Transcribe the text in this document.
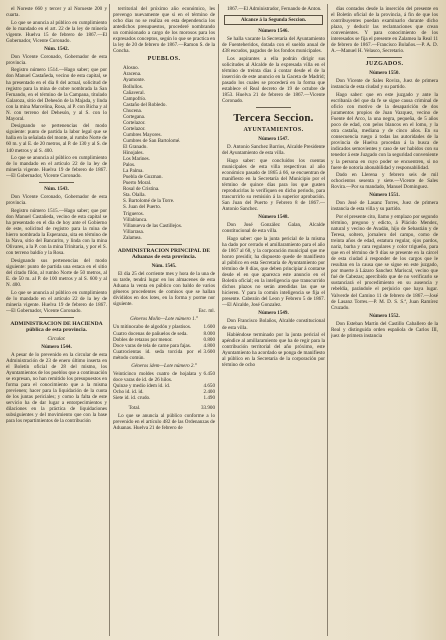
el Noreste 660 y tercer y al Norueste 200 y cuarta.
Lo que se anuncia al público en cumplimiento de lo mandado en el art. 22 de la ley de minería vigente. Huelva 15 de febrero de 1867.—El Gobernador, Vicente Coronado.
Núm. 1542.
Don Vicente Coronado, Gobernador de esta provincia.
Registro número 1514.—Hago saber; que por don Manuel Castañeda, vecino de esta capital, se ha presentado en el dia 8 del actual, solicitud de registro para la mina de cobre nombrada la San Fernando, en el término de la Campana, titulado Galaroza, sitio del Dehesón de la Majada, y linda con la mina Marcelina, Rosa, al P. con Bicha y al N. con terreno del Dehesón, y al S. con lo Mayoral.
Designando se pertenencias del modo siguiente: punto de partida la labor legal que se halla en la señalada del monte, al rumbo Norte de 60 m. y al E. de 20 metros, al P. de 130 y al S. de 140 metros y al S. 400.
Lo que se anuncia al público en cumplimiento de lo mandado en el artículo 22 de la ley de minería vigente. Huelva 19 de febrero de 1867.—El Gobernador, Vicente Coronado.
Núm. 1543.
Don Vicente Coronado, Gobernador de esta provincia.
Registro número 1515.—Hago saber; que por don Manuel Castañeda, vecino de esta capital se ha presentado en el dia de hoy ante el Gobierno de este, solicitud de registro para la mina de hierro nombrada la Esperanza, sita en término de la Nava, sitio del Bancarito, y linda con la mina Olivares, a la P. con la mina Trinitaria, y por el S. con terreno baldío y la Rosa.
Designando sus pertenencias del modo siguiente: punto de partida una estaca en el sitio del citado filón, al rumbo Norte de 50 metros, al E. de 50 m. al P. de 100 metros y al S. 600 y al N. 400.
Lo que se anuncia al público en cumplimiento de lo mandado en el artículo 22 de la ley de minería vigente. Huelva 19 de febrero de 1867.—El Gobernador, Vicente Coronado.
ADMINISTRACION DE HACIENDA pública de esta provincia.
Circular.
Número 1544.
A pesar de lo prevenido en la circular de esta Administración de 23 de enero último inserta en el Boletín oficial de 28 del mismo, los Ayuntamientos de los pueblos que a continuación se expresan, no han remitido los presupuestos en forma para el conocimiento que a la misma previenen; hacer para la liquidación de la cuota de los juntas periciales; y como la falta de este servicio ha de dar lugar a entorpecimientos y dilaciones en la práctica de liquidaciones subsiguientes y del movimiento que con la base para los repartimientos de la contribución
territorial del próximo año económico, les prevengo nuevamente que si en el término de ocho dias no se realiza en esta dependencia los antedichos presupuestos, procederé nombrando un comisionado a cargo de los morosos para los expresados conceptos, según lo que se practica en la ley de 20 de febrero de 1867.—Ramon S. de la Concha.
PUEBLOS.
Alosno.
Aracena.
Ayamonte.
Bollullos.
Cañaveral.
Campofrío.
Castaño del Robledo.
Chucena.
Cortegana.
Cortelazor.
Cortelazor.
Cumbres Mayores.
Cumbres de San Bartolomé.
El Granado.
Hinojales.
Los Marines.
Palos.
La Palma.
Puebla de Guzman.
Puerto Moral.
Rosal de Cristina.
Sta. Olalla.
S. Bartolomé de la Torre.
S. Juan del Puerto.
Trigueros.
Villablanca.
Villanueva de las Castillejos.
Villarrasa.
Zalamea.
ADMINISTRACION PRINCIPAL DE Aduanas de esta provincia.
Núm. 1545.
El día 25 del corriente mes y hora de la una de su tarde, tendrá lugar en los almacenes de esta Aduana la venta en público con baldo de varios géneros procedentes de comisos que se hallan divididos en dos lotes, en la forma y porme nor siguiente.
Esc. ml.
Géneros Molin—Lote número 1.°
Un mitinocabo de algodón y plastisos.	1.600
Cuatro docenas de pañuelos de seda.	8.000
Dobles de retazos por menor.	0.800
Doce varas de tela de carne para fajas.	4.800
Cuatrocientas id. seda torcida por el método común.	3.600
Géneros ídem—Lote número 2.°
Veinticinco moldes cuatro de hojalata y doce varas de id. de 26 hilos.	6.450
Quinze y medio ídem id. id.	4.650
Ocho id. id. id.	2.400
Siete id. id. crudo.	1.490
Total.	33.900
Lo que se anuncia al público conforme a lo prevenido en el artículo 482 de las Ordenanzas de Aduanas. Huelva 21 de febrero de
1867.—El Administrador, Fernando de Anton.
Alcance á la Segunda Seccion.
Número 1546.
Se halla vacante la Secretaría del Ayuntamiento de Fuenteheridos, dotada con el sueldo anual de 438 escudos, pagados de los fondos municipales.
Los aspirantes a ella podrán dirigir sus solicitudes al Alcalde de la expresada villa en el término de treinta días á contar desde el de la inserción de este anuncio en la Gaceta de Madrid; pasado los cuales se procederá en la forma que establece el Real decreto de 19 de octubre de 1853. Huelva 21 de febrero de 1867.—Vicente Coronado.
Tercera Seccion.
AYUNTAMIENTOS.
Número 1547.
D. Antonio Sanchez Barrios, Alcalde Presidente del Ayuntamiento de esta villa.
Hago saber: que concluidos los cuentas municipales de esta villa respectivas al año económico pasado de 1865 á 66, se encuentran de manifiesto en la Secretaría del Municipio por el término de quince días para los que gusten reproducirlas lo verifiquen en dicho periodo, para trascurrirlo su remisión á la superior aprobación. San Juan del Puerto y Febrero 8 de 1867.—Antonio Sanchez.
Número 1548.
Don José González Galan, Alcalde constitucional de esta villa.
Hago saber: que la junta pericial de la misma ha dado por cerrado el amillaramiento para el año de 1867 al 68, y la corporación municipal que me honro presidir, ha dispuesto quede de manifiesto al público en esta Secretaría de Ayuntamiento por término de 8 días, que deben principiar á contarse desde el en que aparezca este anuncio en el Boletín oficial; en la inteligencia que transcurrido dichos plazos no serán atendidas las que se hicieren. Y para la común inteligencia se fija el presente. Cabezón del Leon y Febrero 5 de 1867.—El Alcalde, José Gonzalez.
Número 1549.
Don Francisco Bolaños, Alcalde constitucional de esta villa.
Habiéndose terminado por la junta pericial el apéndice al amillaramiento que ha de regir para la contribución territorial del año próximo, este Ayuntamiento ha acordado se ponga de manifiesto al público en la Secretaría de la corporación por término de ocho
días contados desde la inserción del presente en el Boletín oficial de la provincia, á fin de que los contribuyentes puedan examinarlo durante dicho plazo, y deducir las reclamaciones que crean convenientes. Y para conocimiento de los interesados se fija el presente en Zalamea la Real 11 de febrero de 1867.—Francisco Bolaños.—P. A. D. A.—Manuel H. Velasco, Secretario.
JUZGADOS.
Número 1550.
Don Vicente de Sales Rovira, Juez de primera instancia de esta ciudad y su partido.
Hago saber: que en este juzgado y ante la escribanía del que da fe se sigue causa criminal de oficio con motivo de la desaparición de dos juramentos propios de Juan Vazquez, vecino de Fuente del Arco, la una negra, pequeña, de 5 años poco de edad, con pelos blancos en el lomo, y la otra castaña, mediana y de cinco años. En su consecuencia ruego á todas las autoridades de la provincia de Huelva procedan á la busca de indicados semovientes y caso de ser habidos con su tenedor á este Juzgado con la seguridad conveniente y la persona en cuyo poder se encuentren, si no fuere de notoria abonabilidad y responsabilidad.
Dado en Llerena y febrero seis de mil ochocientos sesenta y siete.—Vicente de Sales Rovira.—Por su mandado, Manuel Dominguez.
Número 1551.
Don José de Lasanz Torres, Juez de primera instancia de esta villa y su partido.
Por el presente cito, llamo y emplazo por segundo término, pregono y edicto, á Plácido Mendez, natural y vecino de Avadán, hijo de Sebastián y de Teresa, soltero, jornalero del campo, como de treinta años de edad, estatura regular, ojos pardos, nariz, barba y cara regulares y color trigueño, para que en el término de 9 días se presente en la cárcel de esta ciudad á responder de los cargos que le resultan en la causa que se sigue en este juzgado, por muerte á Lázaro Sanchez Mariscal, vecino que fué de Cabezas; apercibido que de no verificarlo se sustanciará el procedimiento en su ausencia y rebeldía, parándole el perjuicio que haya lugar. Valverde del Camino 11 de febrero de 1867.—José de Lasanz Torres.—P. M. D. S. S.ª, Juan Ramírez Cruzado.
Número 1552.
Don Esteban Martín del Castillo Caballero de la Real y distinguida orden española de Carlos III, juez de primera instancia
